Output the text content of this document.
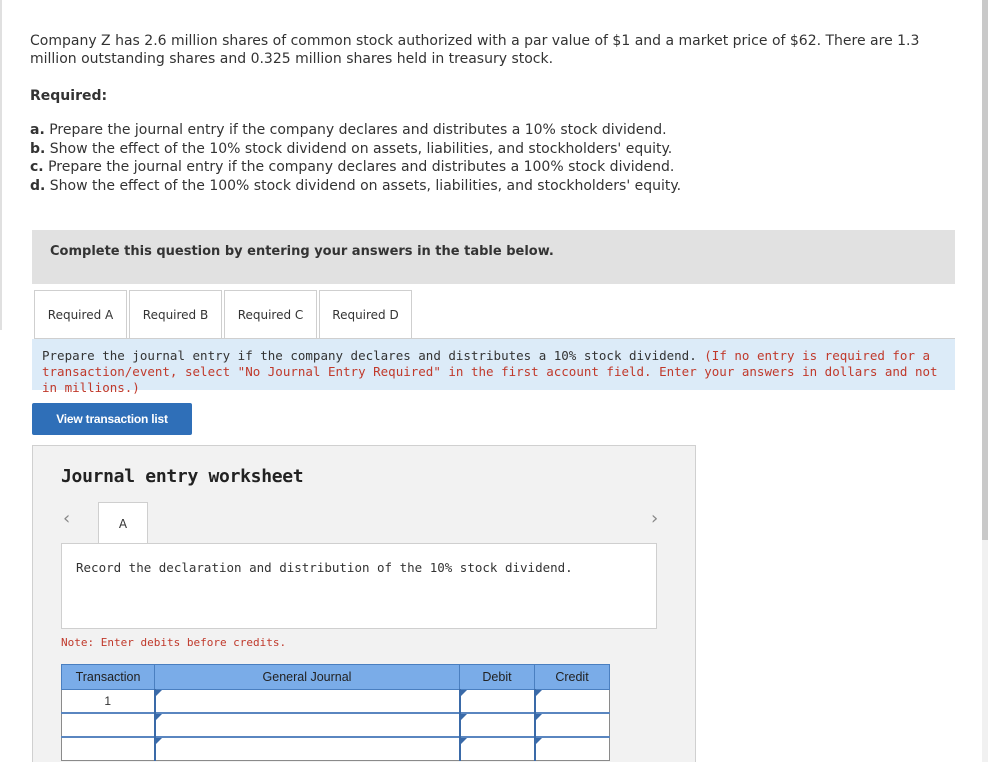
Company Z has 2.6 million shares of common stock authorized with a par value of $1 and a market price of $62. There are 1.3 million outstanding shares and 0.325 million shares held in treasury stock.
Required:
a. Prepare the journal entry if the company declares and distributes a 10% stock dividend.
b. Show the effect of the 10% stock dividend on assets, liabilities, and stockholders' equity.
c. Prepare the journal entry if the company declares and distributes a 100% stock dividend.
d. Show the effect of the 100% stock dividend on assets, liabilities, and stockholders' equity.
Complete this question by entering your answers in the table below.
Required A	Required B	Required C	Required D
Prepare the journal entry if the company declares and distributes a 10% stock dividend. (If no entry is required for a transaction/event, select "No Journal Entry Required" in the first account field. Enter your answers in dollars and not in millions.)
View transaction list
Journal entry worksheet
‹	A	›
Record the declaration and distribution of the 10% stock dividend.
Note: Enter debits before credits.
Transaction	General Journal	Debit	Credit
1			
